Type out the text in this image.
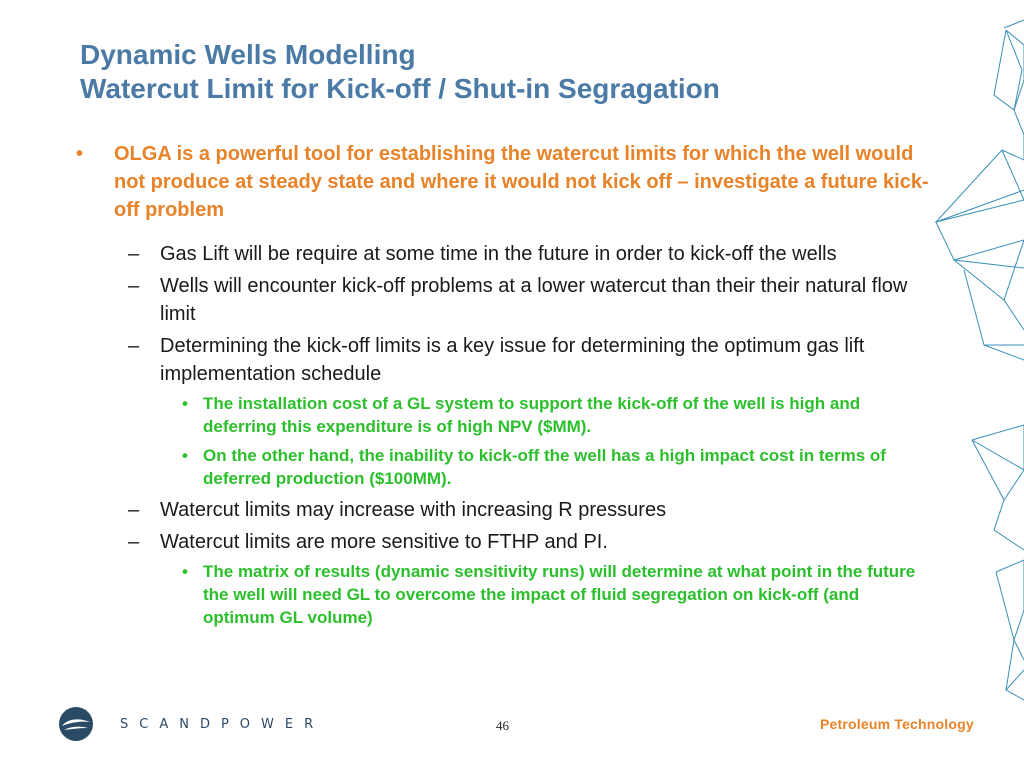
Dynamic Wells Modelling
Watercut Limit for Kick-off / Shut-in Segragation

• OLGA is a powerful tool for establishing the watercut limits for which the well would not produce at steady state and where it would not kick off – investigate a future kick-off problem

– Gas Lift will be require at some time in the future in order to kick-off the wells

– Wells will encounter kick-off problems at a lower watercut than their their natural flow limit

– Determining the kick-off limits is a key issue for determining the optimum gas lift implementation schedule

• The installation cost of a GL system to support the kick-off of the well is high and deferring this expenditure is of high NPV ($MM).

• On the other hand, the inability to kick-off the well has a high impact cost in terms of deferred production ($100MM).

– Watercut limits may increase with increasing R pressures

– Watercut limits are more sensitive to FTHP and PI.

• The matrix of results (dynamic sensitivity runs) will determine at what point in the future the well will need GL to overcome the impact of fluid segregation on kick-off (and optimum GL volume)

SCANDPOWER	46	Petroleum Technology
